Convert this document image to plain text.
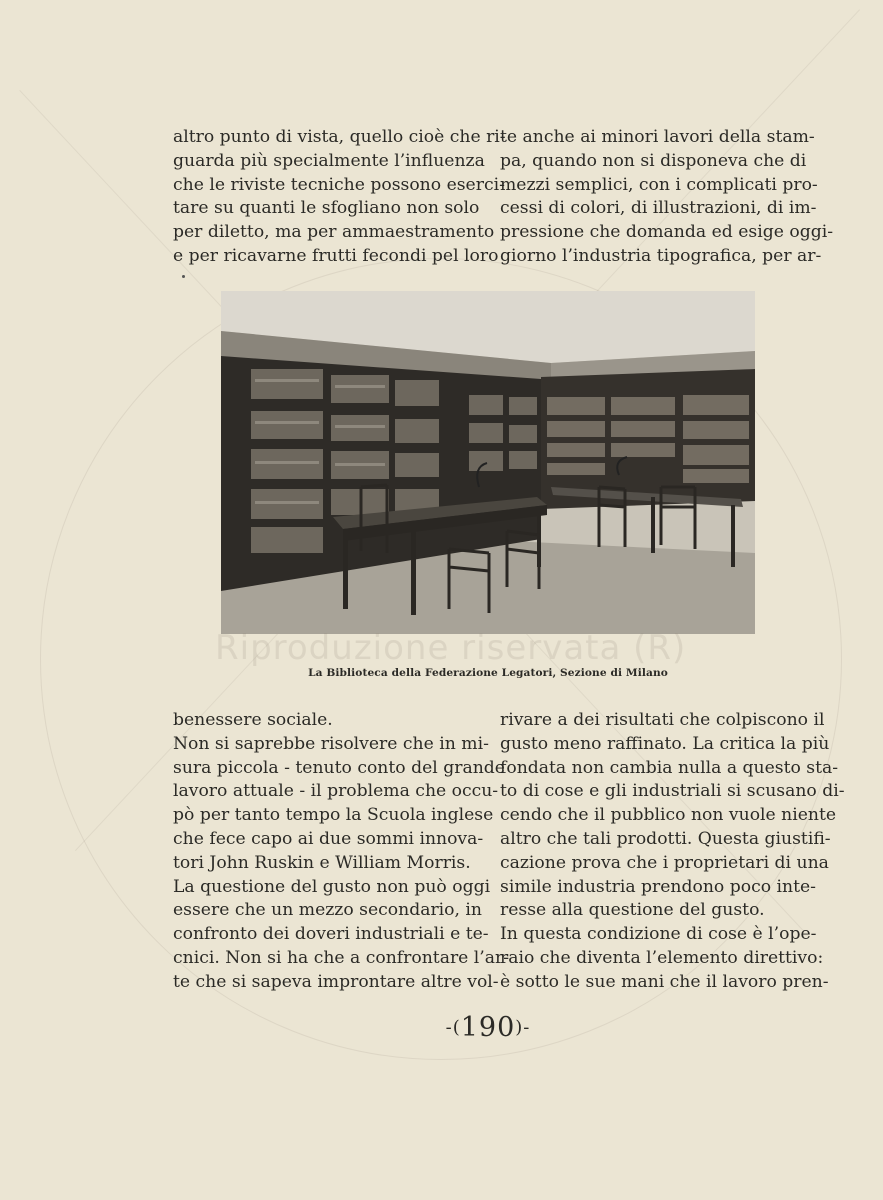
altro punto di vista, quello cioè che ri-
guarda più specialmente l’influenza
che le riviste tecniche possono eserci-
tare su quanti le sfogliano non solo
per diletto, ma per ammaestramento
e per ricavarne frutti fecondi pel loro
te anche ai minori lavori della stam-
pa, quando non si disponeva che di
mezzi semplici, con i complicati pro-
cessi di colori, di illustrazioni, di im-
pressione che domanda ed esige oggi-
giorno l’industria tipografica, per ar-
Riproduzione riservata (R)
La Biblioteca della Federazione Legatori, Sezione di Milano
benessere sociale.
Non si saprebbe risolvere che in mi-
sura piccola - tenuto conto del grande
lavoro attuale - il problema che occu-
pò per tanto tempo la Scuola inglese
che fece capo ai due sommi innova-
tori John Ruskin e William Morris.
La questione del gusto non può oggi
essere che un mezzo secondario, in
confronto dei doveri industriali e te-
cnici. Non si ha che a confrontare l’ar-
te che si sapeva improntare altre vol-
rivare a dei risultati che colpiscono il
gusto meno raffinato. La critica la più
fondata non cambia nulla a questo sta-
to di cose e gli industriali si scusano di-
cendo che il pubblico non vuole niente
altro che tali prodotti. Questa giustifi-
cazione prova che i proprietari di una
simile industria prendono poco inte-
resse alla questione del gusto.
In questa condizione di cose è l’ope-
raio che diventa l’elemento direttivo:
è sotto le sue mani che il lavoro pren-
-(190)-
